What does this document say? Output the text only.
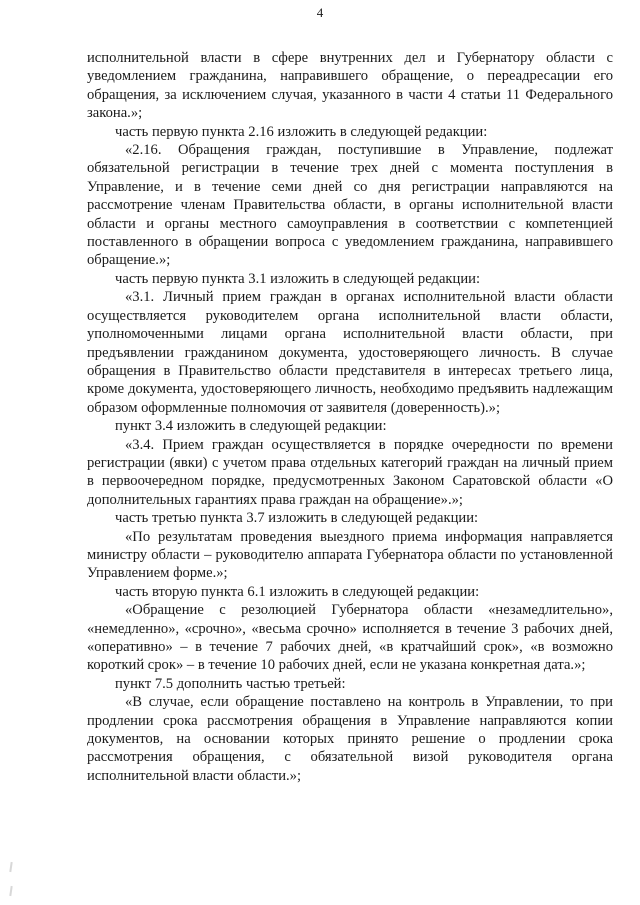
4

исполнительной власти в сфере внутренних дел и Губернатору области с уведомлением гражданина, направившего обращение, о переадресации его обращения, за исключением случая, указанного в части 4 статьи 11 Федерального закона.»;

часть первую пункта 2.16 изложить в следующей редакции:

«2.16. Обращения граждан, поступившие в Управление, подлежат обязательной регистрации в течение трех дней с момента поступления в Управление, и в течение семи дней со дня регистрации направляются на рассмотрение членам Правительства области, в органы исполнительной власти области и органы местного самоуправления в соответствии с компетенцией поставленного в обращении вопроса с уведомлением гражданина, направившего обращение.»;

часть первую пункта 3.1 изложить в следующей редакции:

«3.1. Личный прием граждан в органах исполнительной власти области осуществляется руководителем органа исполнительной власти области, уполномоченными лицами органа исполнительной власти области, при предъявлении гражданином документа, удостоверяющего личность. В случае обращения в Правительство области представителя в интересах третьего лица, кроме документа, удостоверяющего личность, необходимо предъявить надлежащим образом оформленные полномочия от заявителя (доверенность).»;

пункт 3.4 изложить в следующей редакции:

«3.4. Прием граждан осуществляется в порядке очередности по времени регистрации (явки) с учетом права отдельных категорий граждан на личный прием в первоочередном порядке, предусмотренных Законом Саратовской области «О дополнительных гарантиях права граждан на обращение».»;

часть третью пункта 3.7 изложить в следующей редакции:

«По результатам проведения выездного приема информация направляется министру области – руководителю аппарата Губернатора области по установленной Управлением форме.»;

часть вторую пункта 6.1 изложить в следующей редакции:

«Обращение с резолюцией Губернатора области «незамедлительно», «немедленно», «срочно», «весьма срочно» исполняется в течение 3 рабочих дней, «оперативно» – в течение 7 рабочих дней, «в кратчайший срок», «в возможно короткий срок» – в течение 10 рабочих дней, если не указана конкретная дата.»;

пункт 7.5 дополнить частью третьей:

«В случае, если обращение поставлено на контроль в Управлении, то при продлении срока рассмотрения обращения в Управление направляются копии документов, на основании которых принято решение о продлении срока рассмотрения обращения, с обязательной визой руководителя органа исполнительной власти области.»;
